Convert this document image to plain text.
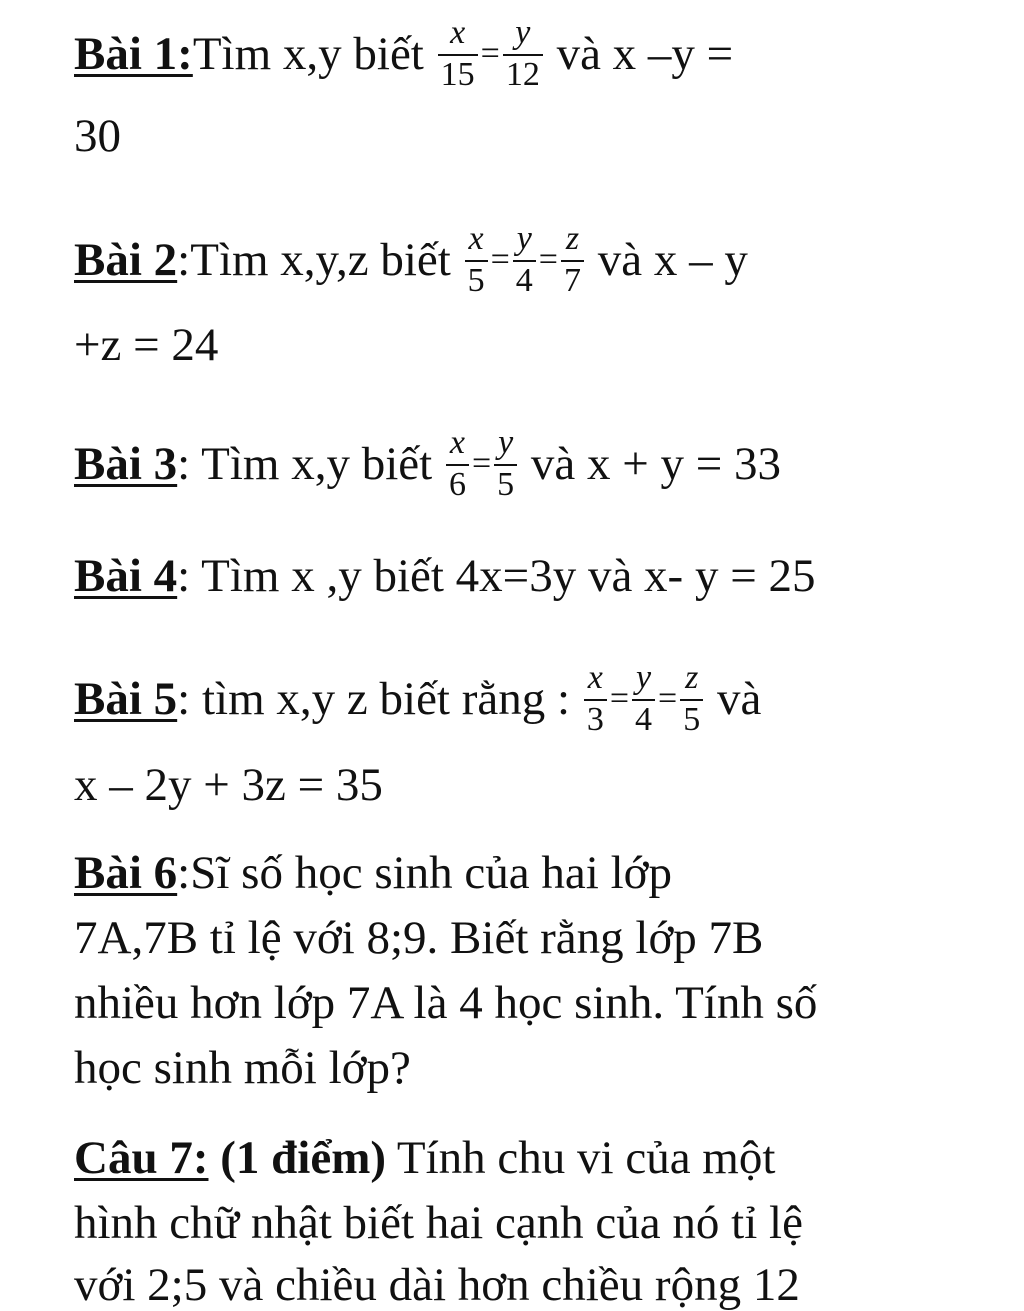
Bài 1:Tìm x,y biết $\frac{x}{15} = \frac{y}{12}$ và x –y =
30
Bài 2:Tìm x,y,z biết $\frac{x}{5} = \frac{y}{4} = \frac{z}{7}$ và x – y
+z = 24
Bài 3: Tìm x,y biết $\frac{x}{6} = \frac{y}{5}$ và x + y = 33
Bài 4: Tìm x ,y biết 4x=3y và x- y = 25
Bài 5: tìm x,y z biết rằng : $\frac{x}{3} = \frac{y}{4} = \frac{z}{5}$ và
x – 2y + 3z = 35
Bài 6:Sĩ số học sinh của hai lớp
7A,7B tỉ lệ với 8;9. Biết rằng lớp 7B
nhiều hơn lớp 7A là 4 học sinh. Tính số
học sinh mỗi lớp?
Câu 7: (1 điểm) Tính chu vi của một
hình chữ nhật biết hai cạnh của nó tỉ lệ
với 2;5 và chiều dài hơn chiều rộng 12
